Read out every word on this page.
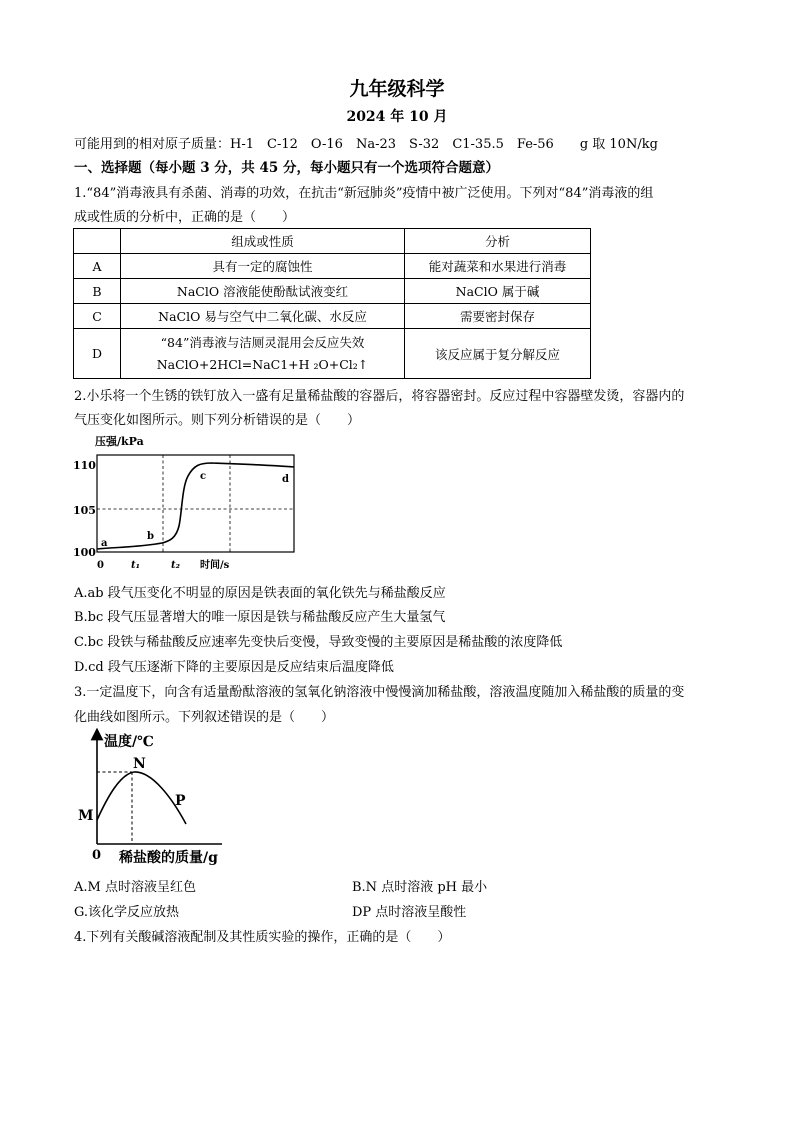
九年级科学
2024 年 10 月
可能用到的相对原子质量：H-1　C-12　O-16　Na-23　S-32　C1-35.5　Fe-56　　g 取 10N/kg
一、选择题（每小题 3 分，共 45 分，每小题只有一个选项符合题意）
1.“84”消毒液具有杀菌、消毒的功效，在抗击“新冠肺炎”疫情中被广泛使用。下列对“84”消毒液的组
成或性质的分析中，正确的是（　　）
	组成或性质	分析
A	具有一定的腐蚀性	能对蔬菜和水果进行消毒
B	NaClO 溶液能使酚酞试液变红	NaClO 属于碱
C	NaClO 易与空气中二氧化碳、水反应	需要密封保存
D	“84”消毒液与洁厕灵混用会反应失效
NaClO+2HCl=NaC1+H ₂O+Cl₂↑	该反应属于复分解反应
2.小乐将一个生锈的铁钉放入一盛有足量稀盐酸的容器后，将容器密封。反应过程中容器壁发烫，容器内的
气压变化如图所示。则下列分析错误的是（　　）
压强/kPa
110
105
100
a
b
c	d
0	t₁	t₂ 时间/s
A.ab 段气压变化不明显的原因是铁表面的氧化铁先与稀盐酸反应
B.bc 段气压显著增大的唯一原因是铁与稀盐酸反应产生大量氢气
C.bc 段铁与稀盐酸反应速率先变快后变慢，导致变慢的主要原因是稀盐酸的浓度降低
D.cd 段气压逐渐下降的主要原因是反应结束后温度降低
3.一定温度下，向含有适量酚酞溶液的氢氧化钠溶液中慢慢滴加稀盐酸，溶液温度随加入稀盐酸的质量的变
化曲线如图所示。下列叙述错误的是（　　）
温度/℃
M
N
P
0 稀盐酸的质量/g
A.M 点时溶液呈红色	B.N 点时溶液 pH 最小
G.该化学反应放热	DP 点时溶液呈酸性
4.下列有关酸碱溶液配制及其性质实验的操作，正确的是（　　）
